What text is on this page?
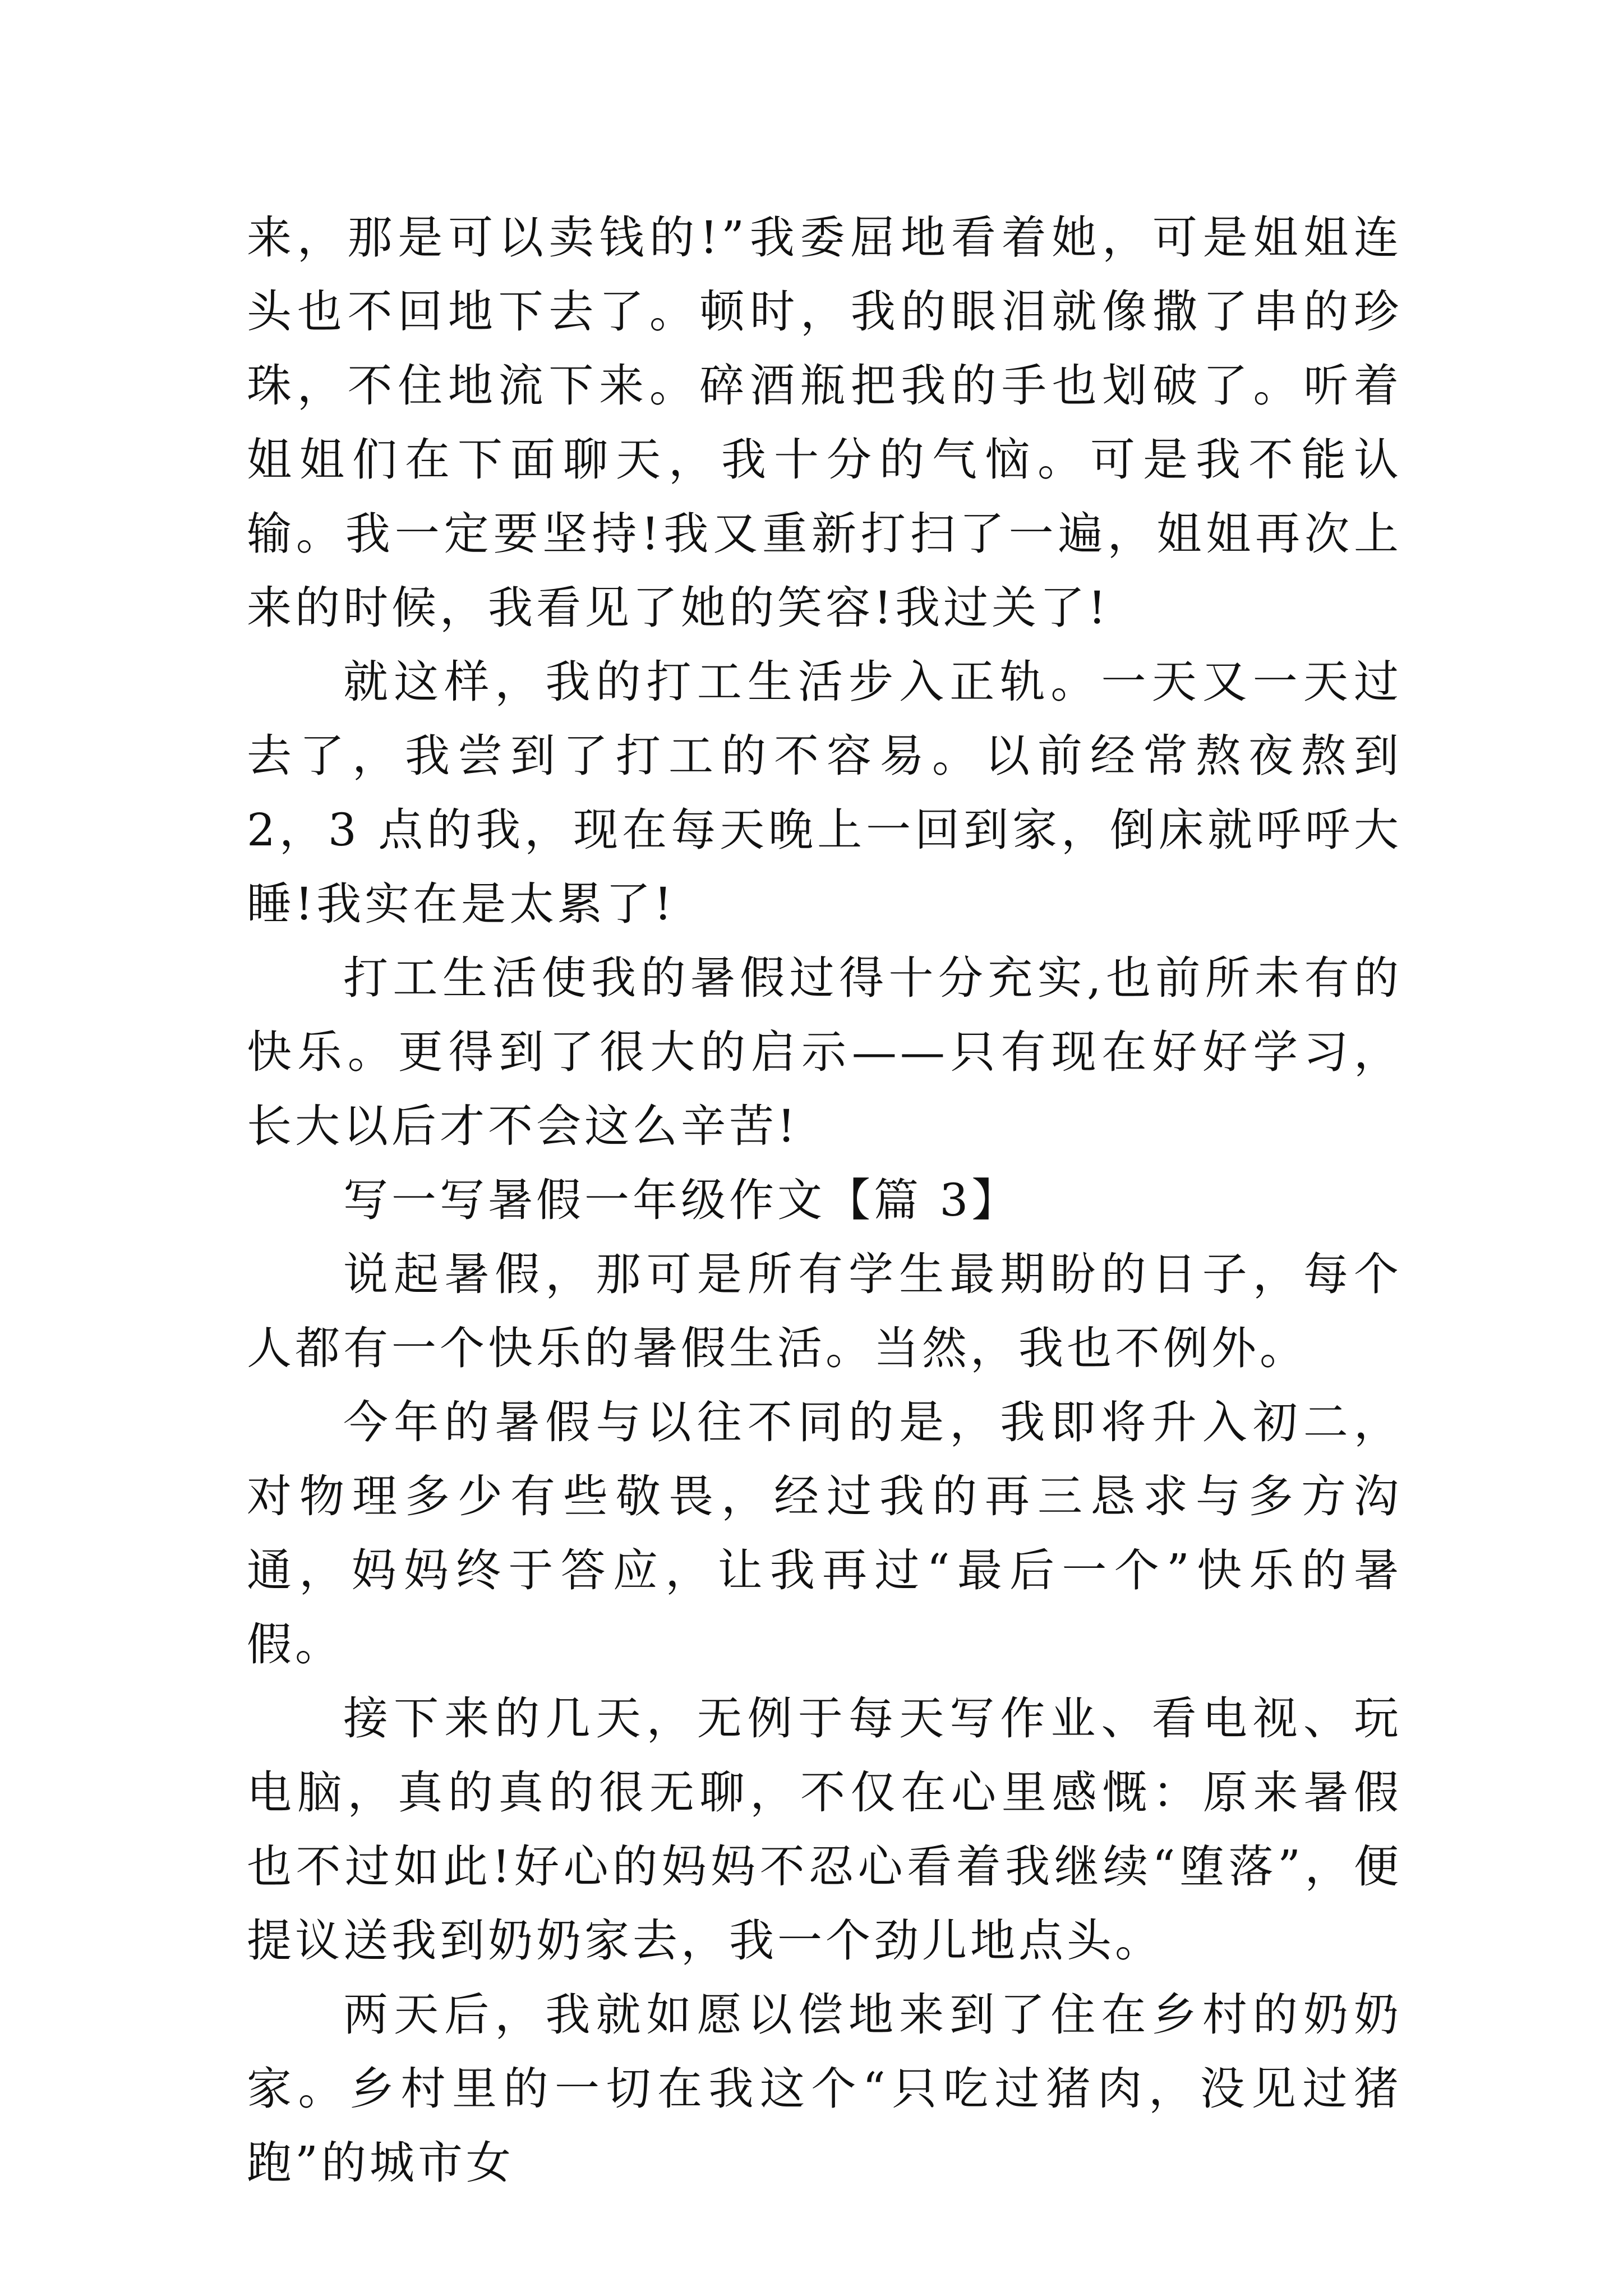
来，那是可以卖钱的!”我委屈地看着她，可是姐姐连头也不回地下去了。顿时，我的眼泪就像撒了串的珍珠，不住地流下来。碎酒瓶把我的手也划破了。听着姐姐们在下面聊天，我十分的气恼。可是我不能认输。我一定要坚持!我又重新打扫了一遍，姐姐再次上来的时候，我看见了她的笑容!我过关了!

就这样，我的打工生活步入正轨。一天又一天过去了，我尝到了打工的不容易。以前经常熬夜熬到 2，3 点的我，现在每天晚上一回到家，倒床就呼呼大睡!我实在是太累了!

打工生活使我的暑假过得十分充实,也前所未有的快乐。更得到了很大的启示——只有现在好好学习，长大以后才不会这么辛苦!

写一写暑假一年级作文【篇 3】

说起暑假，那可是所有学生最期盼的日子，每个人都有一个快乐的暑假生活。当然，我也不例外。

今年的暑假与以往不同的是，我即将升入初二，对物理多少有些敬畏，经过我的再三恳求与多方沟通，妈妈终于答应，让我再过“最后一个”快乐的暑假。

接下来的几天，无例于每天写作业、看电视、玩电脑，真的真的很无聊，不仅在心里感慨：原来暑假也不过如此!好心的妈妈不忍心看着我继续“堕落”，便提议送我到奶奶家去，我一个劲儿地点头。

两天后，我就如愿以偿地来到了住在乡村的奶奶家。乡村里的一切在我这个“只吃过猪肉，没见过猪跑”的城市女
